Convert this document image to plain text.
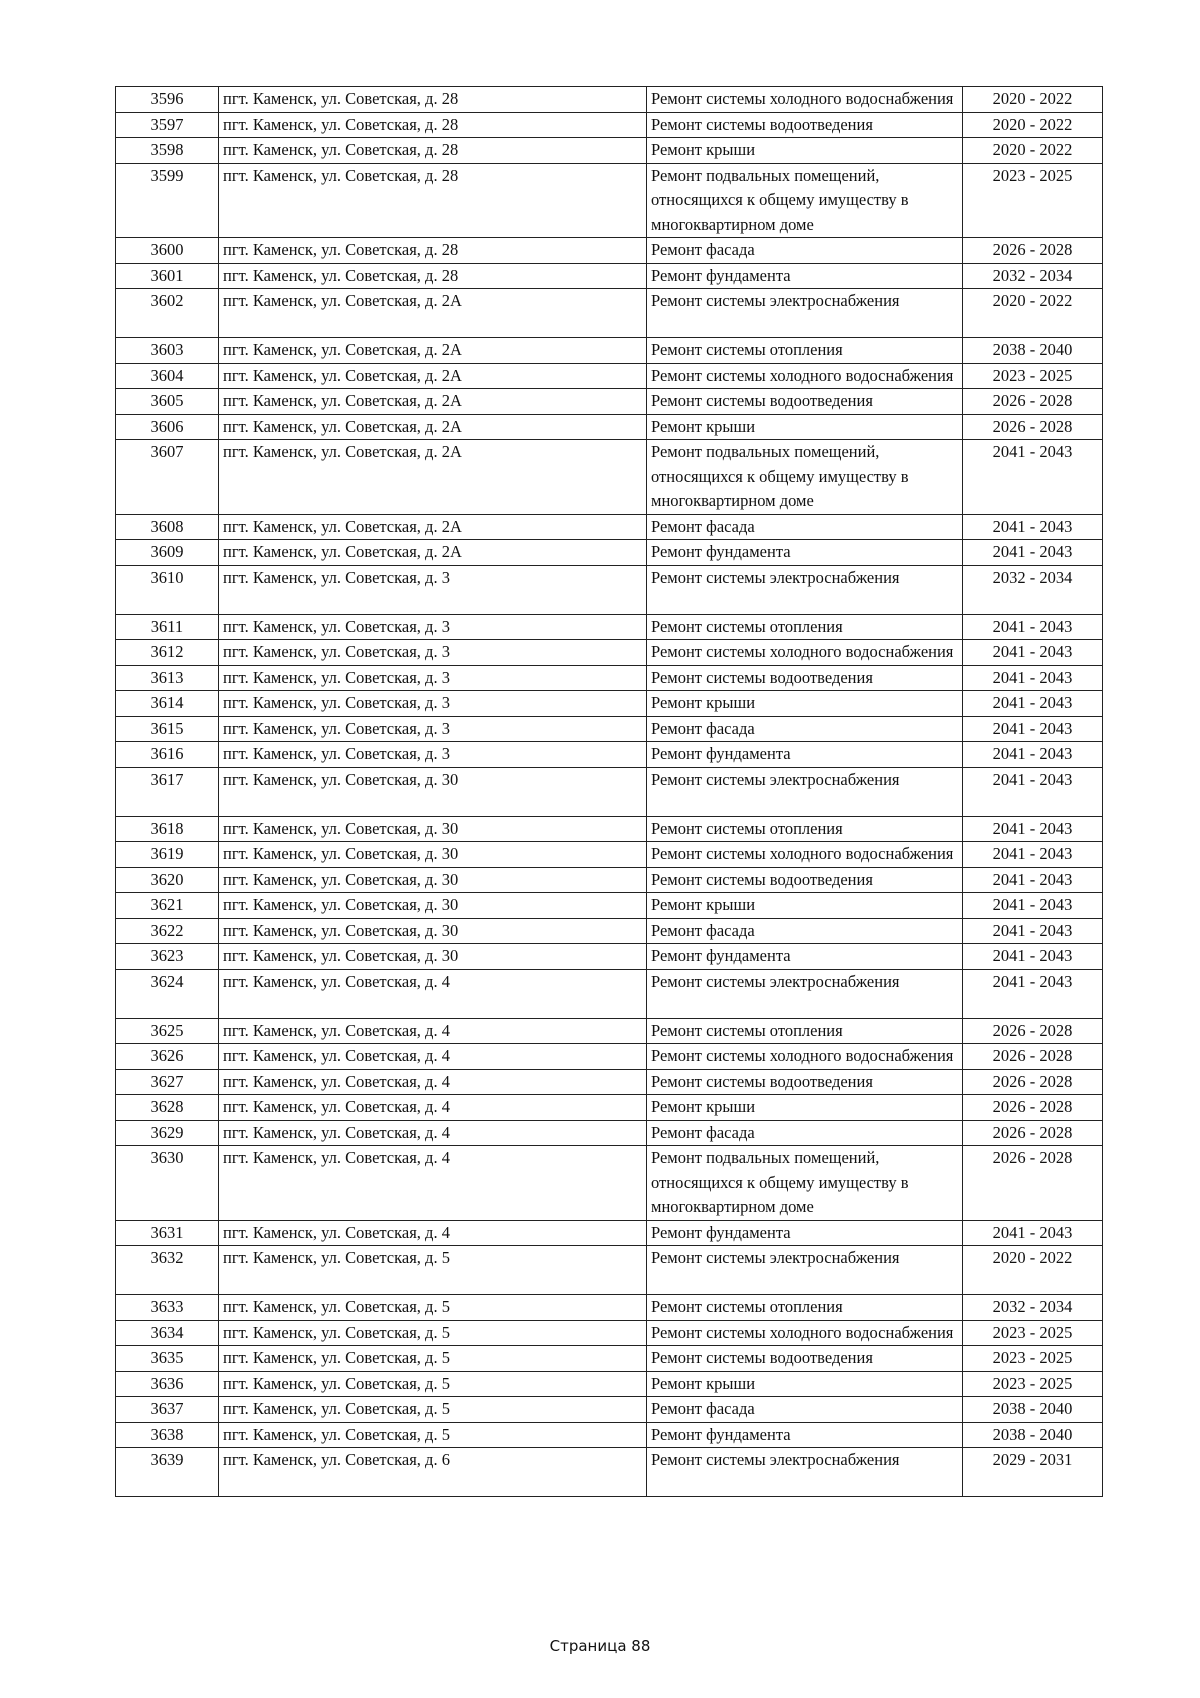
3596	пгт. Каменск, ул. Советская, д. 28	Ремонт системы холодного водоснабжения	2020 - 2022
3597	пгт. Каменск, ул. Советская, д. 28	Ремонт системы водоотведения	2020 - 2022
3598	пгт. Каменск, ул. Советская, д. 28	Ремонт крыши	2020 - 2022
3599	пгт. Каменск, ул. Советская, д. 28	Ремонт подвальных помещений, относящихся к общему имуществу в многоквартирном доме	2023 - 2025
3600	пгт. Каменск, ул. Советская, д. 28	Ремонт фасада	2026 - 2028
3601	пгт. Каменск, ул. Советская, д. 28	Ремонт фундамента	2032 - 2034
3602	пгт. Каменск, ул. Советская, д. 2А	Ремонт системы электроснабжения	2020 - 2022
3603	пгт. Каменск, ул. Советская, д. 2А	Ремонт системы отопления	2038 - 2040
3604	пгт. Каменск, ул. Советская, д. 2А	Ремонт системы холодного водоснабжения	2023 - 2025
3605	пгт. Каменск, ул. Советская, д. 2А	Ремонт системы водоотведения	2026 - 2028
3606	пгт. Каменск, ул. Советская, д. 2А	Ремонт крыши	2026 - 2028
3607	пгт. Каменск, ул. Советская, д. 2А	Ремонт подвальных помещений, относящихся к общему имуществу в многоквартирном доме	2041 - 2043
3608	пгт. Каменск, ул. Советская, д. 2А	Ремонт фасада	2041 - 2043
3609	пгт. Каменск, ул. Советская, д. 2А	Ремонт фундамента	2041 - 2043
3610	пгт. Каменск, ул. Советская, д. 3	Ремонт системы электроснабжения	2032 - 2034
3611	пгт. Каменск, ул. Советская, д. 3	Ремонт системы отопления	2041 - 2043
3612	пгт. Каменск, ул. Советская, д. 3	Ремонт системы холодного водоснабжения	2041 - 2043
3613	пгт. Каменск, ул. Советская, д. 3	Ремонт системы водоотведения	2041 - 2043
3614	пгт. Каменск, ул. Советская, д. 3	Ремонт крыши	2041 - 2043
3615	пгт. Каменск, ул. Советская, д. 3	Ремонт фасада	2041 - 2043
3616	пгт. Каменск, ул. Советская, д. 3	Ремонт фундамента	2041 - 2043
3617	пгт. Каменск, ул. Советская, д. 30	Ремонт системы электроснабжения	2041 - 2043
3618	пгт. Каменск, ул. Советская, д. 30	Ремонт системы отопления	2041 - 2043
3619	пгт. Каменск, ул. Советская, д. 30	Ремонт системы холодного водоснабжения	2041 - 2043
3620	пгт. Каменск, ул. Советская, д. 30	Ремонт системы водоотведения	2041 - 2043
3621	пгт. Каменск, ул. Советская, д. 30	Ремонт крыши	2041 - 2043
3622	пгт. Каменск, ул. Советская, д. 30	Ремонт фасада	2041 - 2043
3623	пгт. Каменск, ул. Советская, д. 30	Ремонт фундамента	2041 - 2043
3624	пгт. Каменск, ул. Советская, д. 4	Ремонт системы электроснабжения	2041 - 2043
3625	пгт. Каменск, ул. Советская, д. 4	Ремонт системы отопления	2026 - 2028
3626	пгт. Каменск, ул. Советская, д. 4	Ремонт системы холодного водоснабжения	2026 - 2028
3627	пгт. Каменск, ул. Советская, д. 4	Ремонт системы водоотведения	2026 - 2028
3628	пгт. Каменск, ул. Советская, д. 4	Ремонт крыши	2026 - 2028
3629	пгт. Каменск, ул. Советская, д. 4	Ремонт фасада	2026 - 2028
3630	пгт. Каменск, ул. Советская, д. 4	Ремонт подвальных помещений, относящихся к общему имуществу в многоквартирном доме	2026 - 2028
3631	пгт. Каменск, ул. Советская, д. 4	Ремонт фундамента	2041 - 2043
3632	пгт. Каменск, ул. Советская, д. 5	Ремонт системы электроснабжения	2020 - 2022
3633	пгт. Каменск, ул. Советская, д. 5	Ремонт системы отопления	2032 - 2034
3634	пгт. Каменск, ул. Советская, д. 5	Ремонт системы холодного водоснабжения	2023 - 2025
3635	пгт. Каменск, ул. Советская, д. 5	Ремонт системы водоотведения	2023 - 2025
3636	пгт. Каменск, ул. Советская, д. 5	Ремонт крыши	2023 - 2025
3637	пгт. Каменск, ул. Советская, д. 5	Ремонт фасада	2038 - 2040
3638	пгт. Каменск, ул. Советская, д. 5	Ремонт фундамента	2038 - 2040
3639	пгт. Каменск, ул. Советская, д. 6	Ремонт системы электроснабжения	2029 - 2031
Страница 88
